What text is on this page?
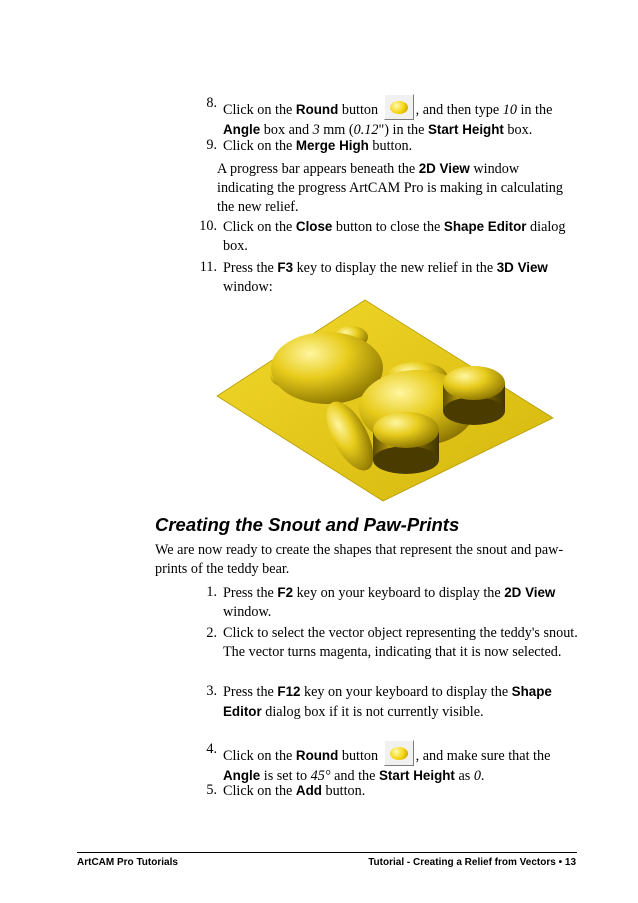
8. Click on the Round button
, and then type 10 in the Angle box and 3 mm (0.12") in the Start Height box.
9. Click on the Merge High button.
A progress bar appears beneath the 2D View window indicating the progress ArtCAM Pro is making in calculating the new relief.
10. Click on the Close button to close the Shape Editor dialog box.
11. Press the F3 key to display the new relief in the 3D View window:
Creating the Snout and Paw-Prints
We are now ready to create the shapes that represent the snout and paw-prints of the teddy bear.
1. Press the F2 key on your keyboard to display the 2D View window.
2. Click to select the vector object representing the teddy's snout. The vector turns magenta, indicating that it is now selected.
3. Press the F12 key on your keyboard to display the Shape Editor dialog box if it is not currently visible.
4. Click on the Round button
, and make sure that the Angle is set to 45° and the Start Height as 0.
5. Click on the Add button.
ArtCAM Pro Tutorials	Tutorial - Creating a Relief from Vectors • 13
